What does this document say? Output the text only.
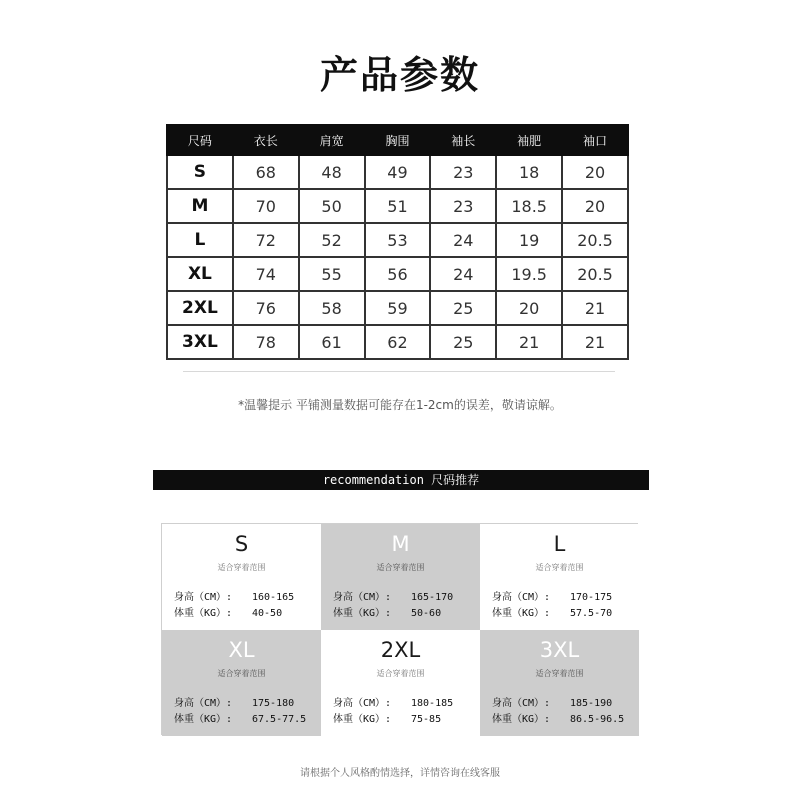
产品参数
尺码	衣长	肩宽	胸围	袖长	袖肥	袖口
S	68	48	49	23	18	20
M	70	50	51	23	18.5	20
L	72	52	53	24	19	20.5
XL	74	55	56	24	19.5	20.5
2XL	76	58	59	25	20	21
3XL	78	61	62	25	21	21
*温馨提示 平铺测量数据可能存在1-2cm的误差，敬请谅解。
recommendation 尺码推荐
S
适合穿着范围
身高（CM）: 160-165
体重（KG）: 40-50
M
适合穿着范围
身高（CM）: 165-170
体重（KG）: 50-60
L
适合穿着范围
身高（CM）: 170-175
体重（KG）: 57.5-70
XL
适合穿着范围
身高（CM）: 175-180
体重（KG）: 67.5-77.5
2XL
适合穿着范围
身高（CM）: 180-185
体重（KG）: 75-85
3XL
适合穿着范围
身高（CM）: 185-190
体重（KG）: 86.5-96.5
请根据个人风格酌情选择，详情咨询在线客服
